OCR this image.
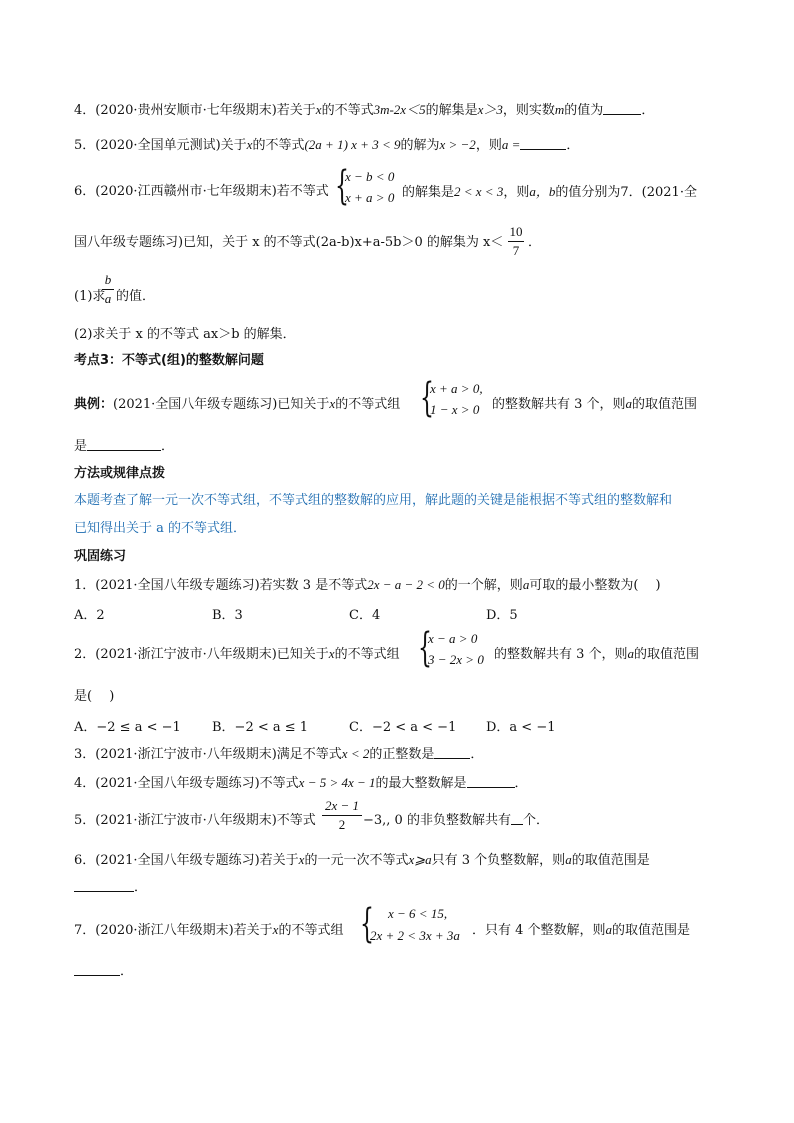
4．(2020·贵州安顺市·七年级期末)若关于x的不等式3m-2x＜5的解集是x＞3，则实数m的值为	．
5．(2020·全国单元测试)关于x的不等式(2a + 1) x + 3 < 9的解为x > −2，则a =	．
6．(2020·江西赣州市·七年级期末)若不等式 {
x − b < 0
x + a > 0 的解集是2 < x < 3，则a，b的值分别为7．(2021·全
国八年级专题练习)已知，关于 x 的不等式(2a-b)x+a-5b＞0 的解集为 x＜
10
7
．
(1)求
b
a 的值．
(2)求关于 x 的不等式 ax＞b 的解集．
考点3：不等式(组)的整数解问题
典例：(2021·全国八年级专题练习)已知关于x的不等式组 {
x + a > 0,
1 − x > 0 的整数解共有 3 个，则a的取值范围
是	．
方法或规律点拨
本题考查了解一元一次不等式组，不等式组的整数解的应用，解此题的关键是能根据不等式组的整数解和
已知得出关于 a 的不等式组．
巩固练习
1．(2021·全国八年级专题练习)若实数 3 是不等式2x − a − 2 < 0的一个解，则a可取的最小整数为(　 )
A．2	B．3	C．4	D．5
2．(2021·浙江宁波市·八年级期末)已知关于x的不等式组 {
x − a > 0
3 − 2x > 0 的整数解共有 3 个，则a的取值范围
是(　 )
A．−2 ≤ a < −1 B．−2 < a ≤ 1	C．−2 < a < −1 D．a < −1
3．(2021·浙江宁波市·八年级期末)满足不等式x < 2的正整数是	．
4．(2021·全国八年级专题练习)不等式x − 5 > 4x − 1的最大整数解是	．
5．(2021·浙江宁波市·八年级期末)不等式
2x − 1
2	−3,, 0 的非负整数解共有 个．
6．(2021·全国八年级专题练习)若关于x的一元一次不等式x⩾a只有 3 个负整数解，则a的取值范围是
．
7．(2020·浙江八年级期末)若关于x的不等式组 { x − 6 < 15,
2x + 2 < 3x + 3a ．只有 4 个整数解，则a的取值范围是
．
